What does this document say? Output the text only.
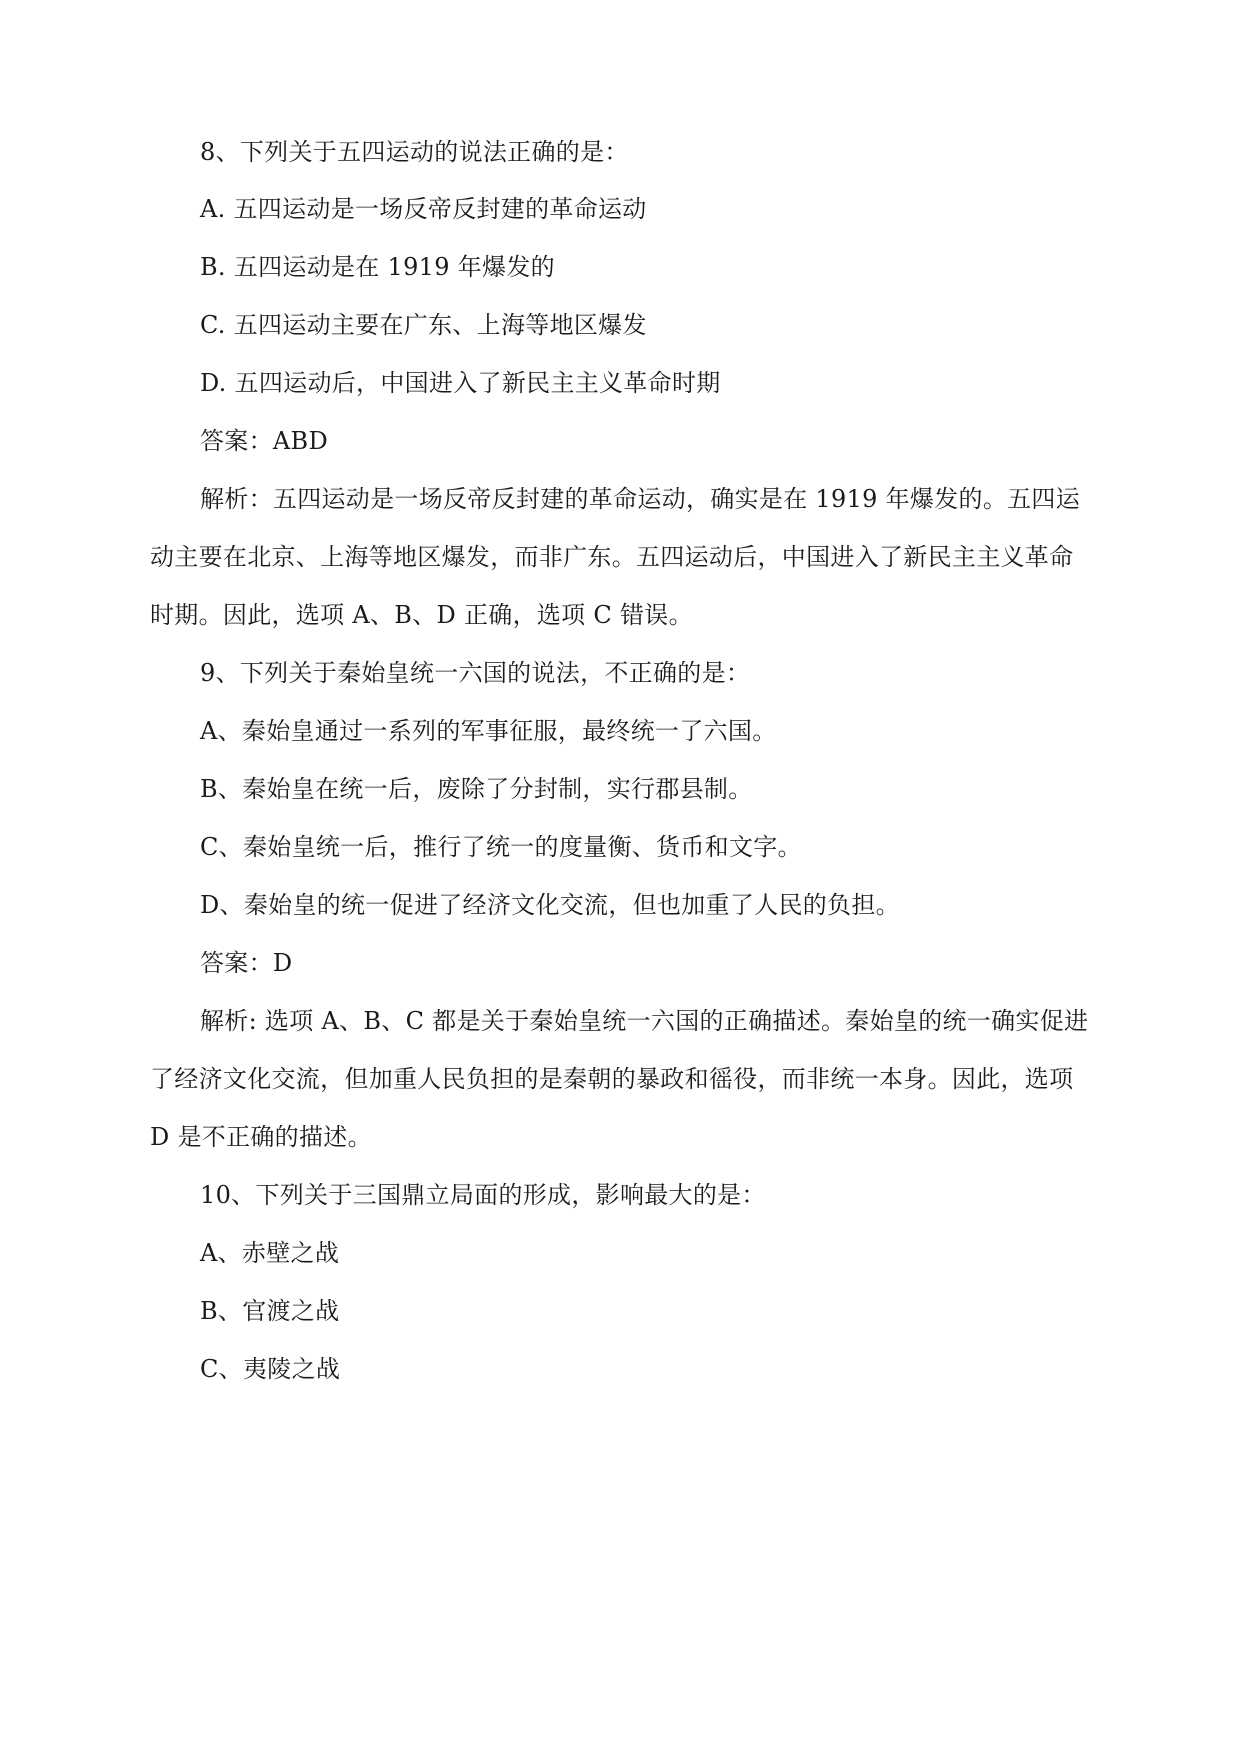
8、下列关于五四运动的说法正确的是：
A. 五四运动是一场反帝反封建的革命运动
B. 五四运动是在 1919 年爆发的
C. 五四运动主要在广东、上海等地区爆发
D. 五四运动后，中国进入了新民主主义革命时期
答案：ABD
解析：五四运动是一场反帝反封建的革命运动，确实是在 1919 年爆发的。五四运
动主要在北京、上海等地区爆发，而非广东。五四运动后，中国进入了新民主主义革命
时期。因此，选项 A、B、D 正确，选项 C 错误。
9、下列关于秦始皇统一六国的说法，不正确的是：
A、秦始皇通过一系列的军事征服，最终统一了六国。
B、秦始皇在统一后，废除了分封制，实行郡县制。
C、秦始皇统一后，推行了统一的度量衡、货币和文字。
D、秦始皇的统一促进了经济文化交流，但也加重了人民的负担。
答案：D
解析: 选项 A、B、C 都是关于秦始皇统一六国的正确描述。秦始皇的统一确实促进
了经济文化交流，但加重人民负担的是秦朝的暴政和徭役，而非统一本身。因此，选项
D 是不正确的描述。
10、下列关于三国鼎立局面的形成，影响最大的是：
A、赤壁之战
B、官渡之战
C、夷陵之战
